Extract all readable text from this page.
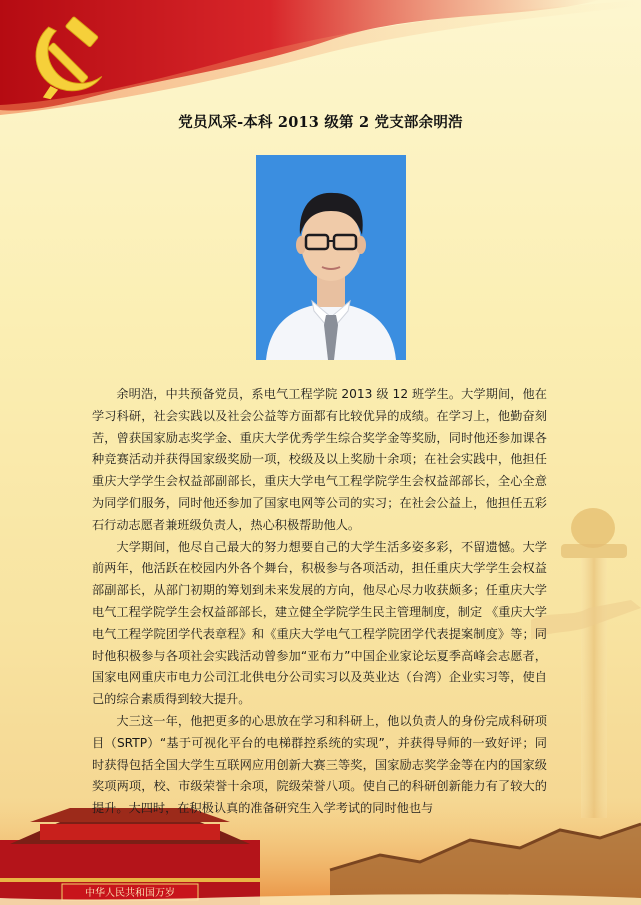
党员风采-本科 2013 级第 2 党支部余明浩
中华人民共和国万岁

余明浩，中共预备党员，系电气工程学院 2013 级 12 班学生。大学期间，他在学习科研，社会实践以及社会公益等方面都有比较优异的成绩。在学习上，他勤奋刻苦，曾获国家励志奖学金、重庆大学优秀学生综合奖学金等奖励，同时他还参加课各种竞赛活动并获得国家级奖励一项，校级及以上奖励十余项；在社会实践中，他担任重庆大学学生会权益部副部长，重庆大学电气工程学院学生会权益部部长，全心全意为同学们服务，同时他还参加了国家电网等公司的实习；在社会公益上，他担任五彩石行动志愿者兼班级负责人，热心积极帮助他人。

大学期间，他尽自己最大的努力想要自己的大学生活多姿多彩，不留遗憾。大学前两年，他活跃在校园内外各个舞台，积极参与各项活动，担任重庆大学学生会权益部副部长，从部门初期的筹划到未来发展的方向，他尽心尽力收获颇多；任重庆大学电气工程学院学生会权益部部长，建立健全学院学生民主管理制度，制定 《重庆大学电气工程学院团学代表章程》和《重庆大学电气工程学院团学代表提案制度》等；同时他积极参与各项社会实践活动曾参加“亚布力”中国企业家论坛夏季高峰会志愿者，国家电网重庆市电力公司江北供电分公司实习以及英业达（台湾）企业实习等，使自己的综合素质得到较大提升。

大三这一年，他把更多的心思放在学习和科研上，他以负责人的身份完成科研项目（SRTP）“基于可视化平台的电梯群控系统的实现”，并获得导师的一致好评；同时获得包括全国大学生互联网应用创新大赛三等奖，国家励志奖学金等在内的国家级奖项两项，校、市级荣誉十余项，院级荣誉八项。使自己的科研创新能力有了较大的提升。大四时，在积极认真的准备研究生入学考试的同时他也与
